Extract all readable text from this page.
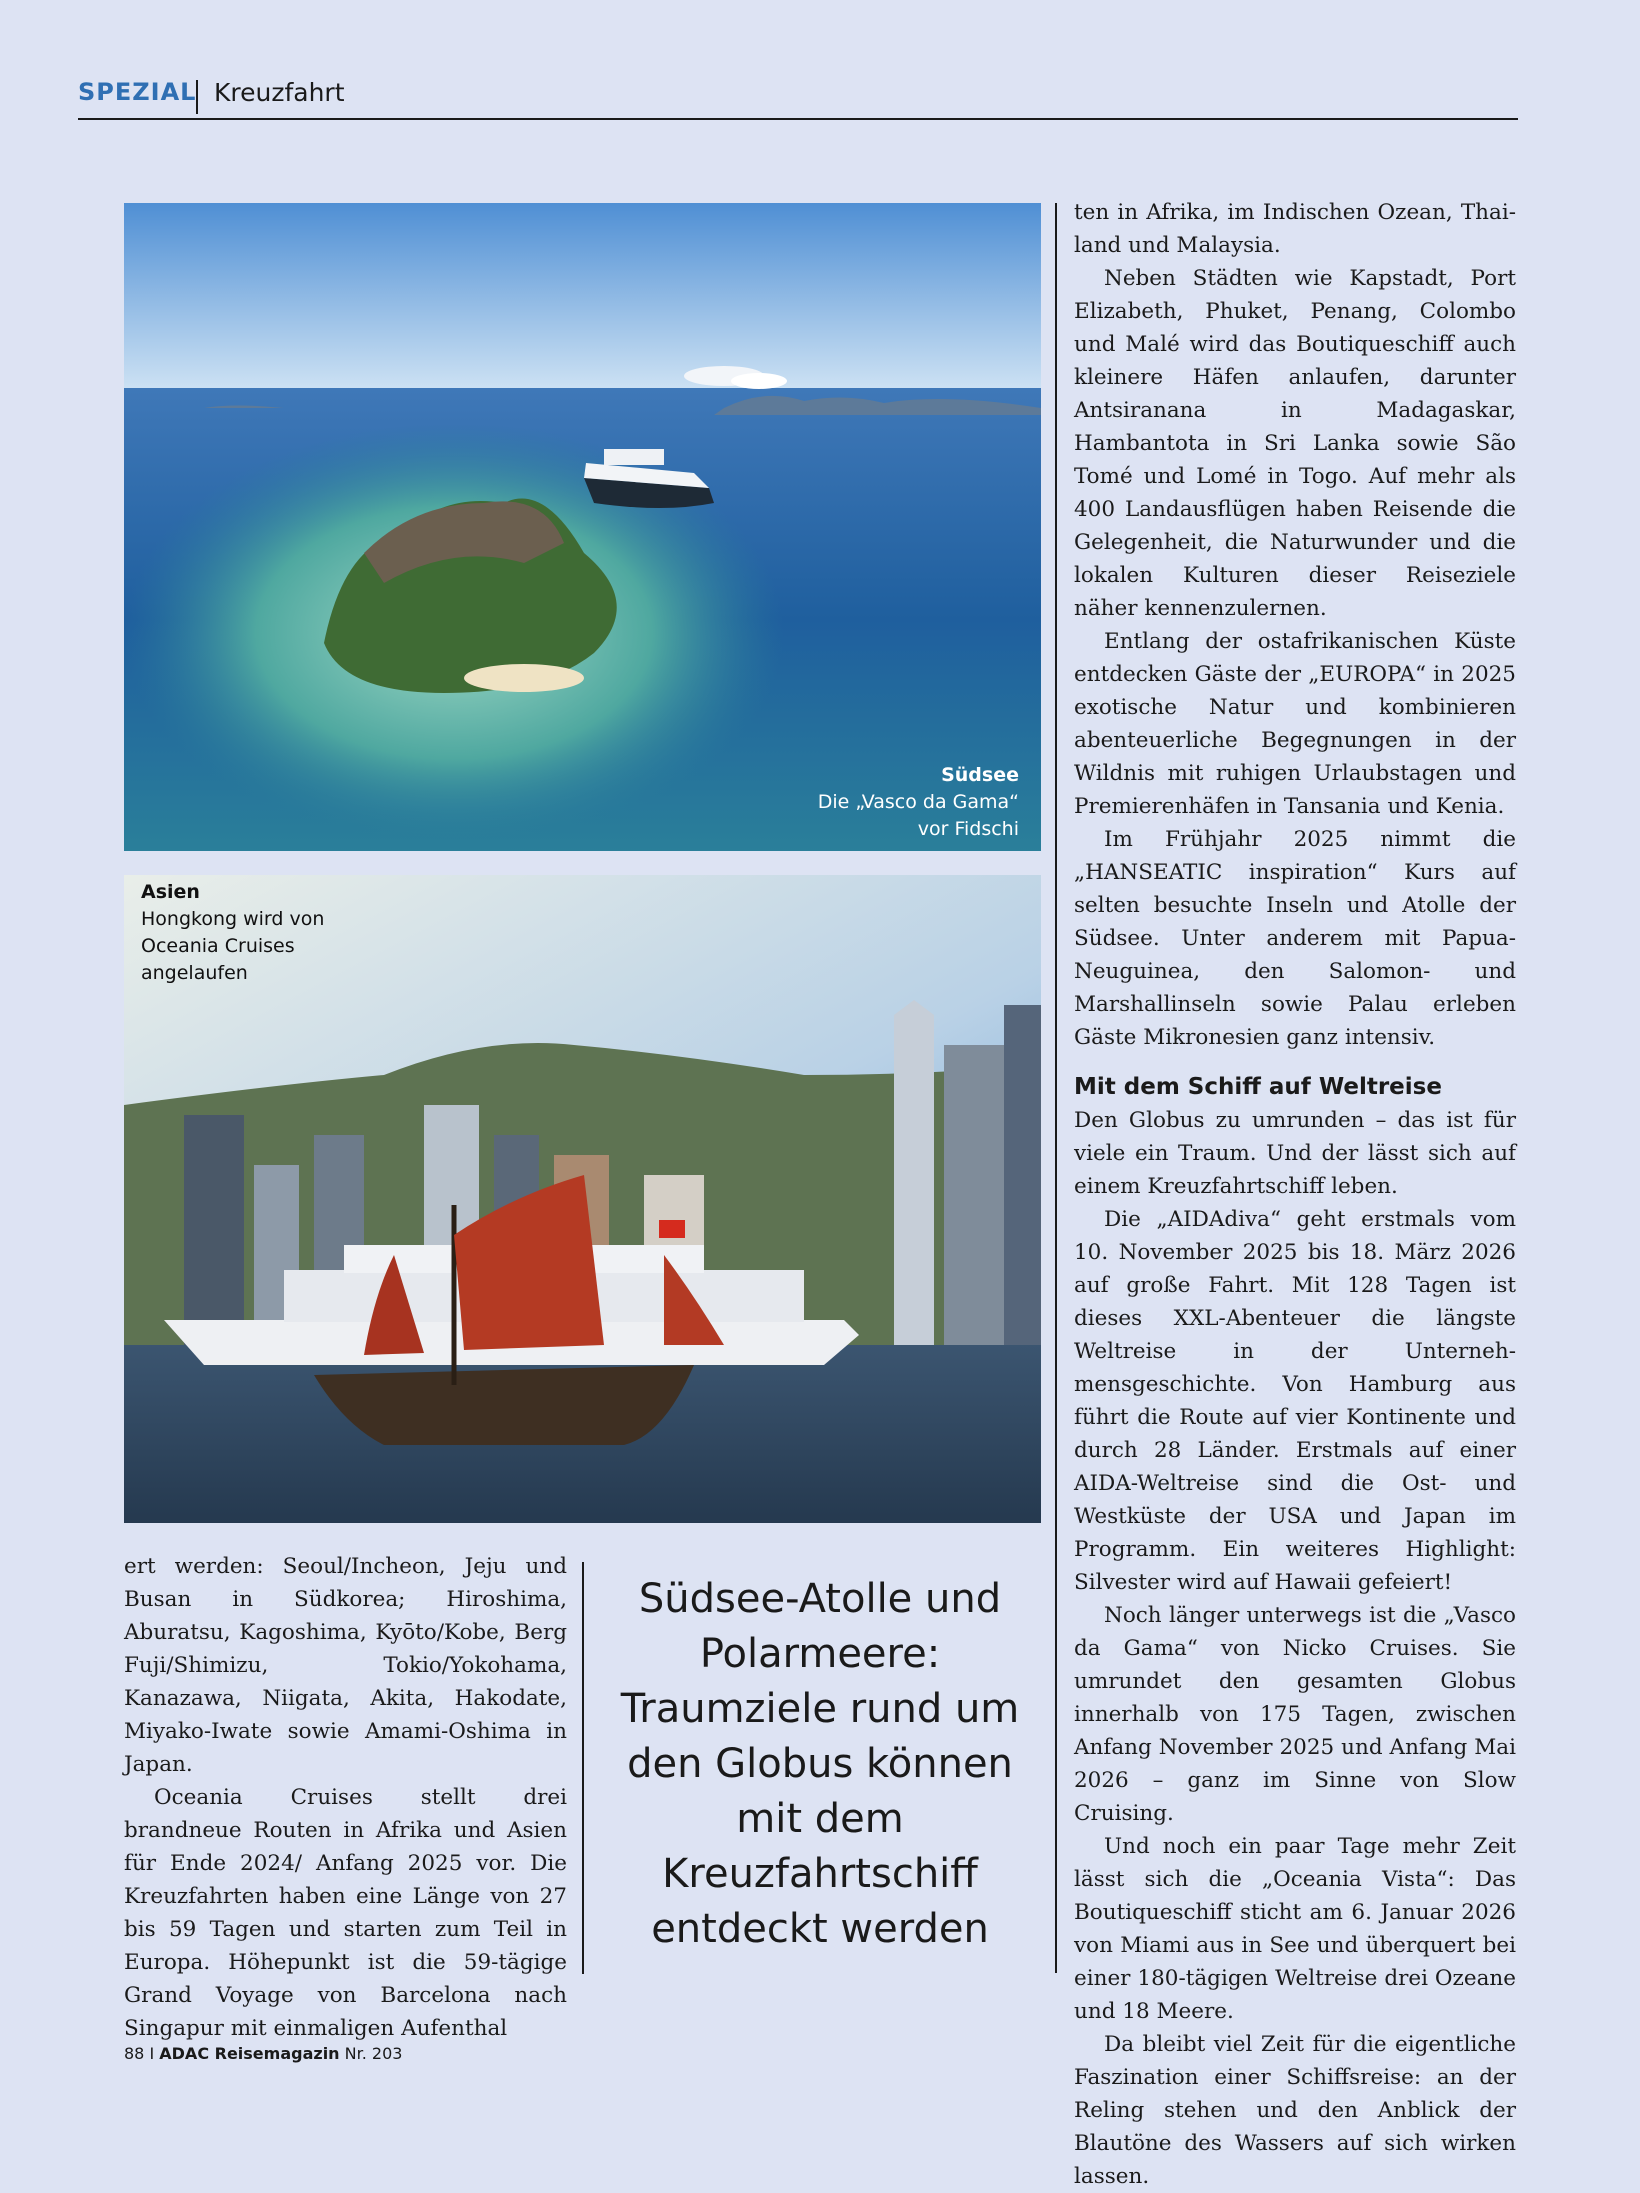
SPEZIAL Kreuzfahrt
Südsee
Die „Vasco da Gama“
vor Fidschi
Asien
Hongkong wird von
Oceania Cruises
angelaufen

ert werden: Seoul/Incheon, Jeju und Busan in Südkorea; Hiroshima, Aburatsu, Kagoshima, Kyōto/Kobe, Berg Fuji/Shimizu, Tokio/Yokohama, Kanazawa, Niigata, Akita, Hakodate, Miyako-Iwate sowie Amami-Oshima in Japan.

Oceania Cruises stellt drei brandneue Routen in Afrika und Asien für Ende 2024/ Anfang 2025 vor. Die Kreuzfahrten haben eine Länge von 27 bis 59 Tagen und starten zum Teil in Europa. Höhepunkt ist die 59-tägige Grand Voyage von Barcelona nach Singapur mit einmaligen Aufenthal

Südsee-Atolle und Polarmeere: Traumziele rund um den Globus können mit dem Kreuzfahrtschiff entdeckt werden

ten in Afrika, im Indischen Ozean, Thailand und Malaysia.

Neben Städten wie Kapstadt, Port Elizabeth, Phuket, Penang, Colombo und Malé wird das Boutiqueschiff auch kleinere Häfen anlaufen, darunter Antsiranana in Madagaskar, Hambantota in Sri Lanka sowie São Tomé und Lomé in Togo. Auf mehr als 400 Landausflügen haben Reisende die Gelegenheit, die Naturwunder und die lokalen Kulturen dieser Reiseziele näher kennenzulernen.

Entlang der ostafrikanischen Küste entdecken Gäste der „EUROPA“ in 2025 exotische Natur und kombinieren abenteuerliche Begegnungen in der Wildnis mit ruhigen Urlaubstagen und Premierenhäfen in Tansania und Kenia.

Im Frühjahr 2025 nimmt die „HANSEATIC inspiration“ Kurs auf selten besuchte Inseln und Atolle der Südsee. Unter anderem mit Papua-Neuguinea, den Salomon- und Marshallinseln sowie Palau erleben Gäste Mikronesien ganz intensiv.

Mit dem Schiff auf Weltreise

Den Globus zu umrunden – das ist für viele ein Traum. Und der lässt sich auf einem Kreuzfahrtschiff leben.

Die „AIDAdiva“ geht erstmals vom 10. November 2025 bis 18. März 2026 auf große Fahrt. Mit 128 Tagen ist dieses XXL-Abenteuer die längste Weltreise in der Unternehmensgeschichte. Von Hamburg aus führt die Route auf vier Kontinente und durch 28 Länder. Erstmals auf einer AIDA-Weltreise sind die Ost- und Westküste der USA und Japan im Programm. Ein weiteres Highlight: Silvester wird auf Hawaii gefeiert!

Noch länger unterwegs ist die „Vasco da Gama“ von Nicko Cruises. Sie umrundet den gesamten Globus innerhalb von 175 Tagen, zwischen Anfang November 2025 und Anfang Mai 2026 – ganz im Sinne von Slow Cruising.

Und noch ein paar Tage mehr Zeit lässt sich die „Oceania Vista“: Das Boutiqueschiff sticht am 6. Januar 2026 von Miami aus in See und überquert bei einer 180-tägigen Weltreise drei Ozeane und 18 Meere.

Da bleibt viel Zeit für die eigentliche Faszination einer Schiffsreise: an der Reling stehen und den Anblick der Blautöne des Wassers auf sich wirken lassen.

88 I ADAC Reisemagazin Nr. 203
